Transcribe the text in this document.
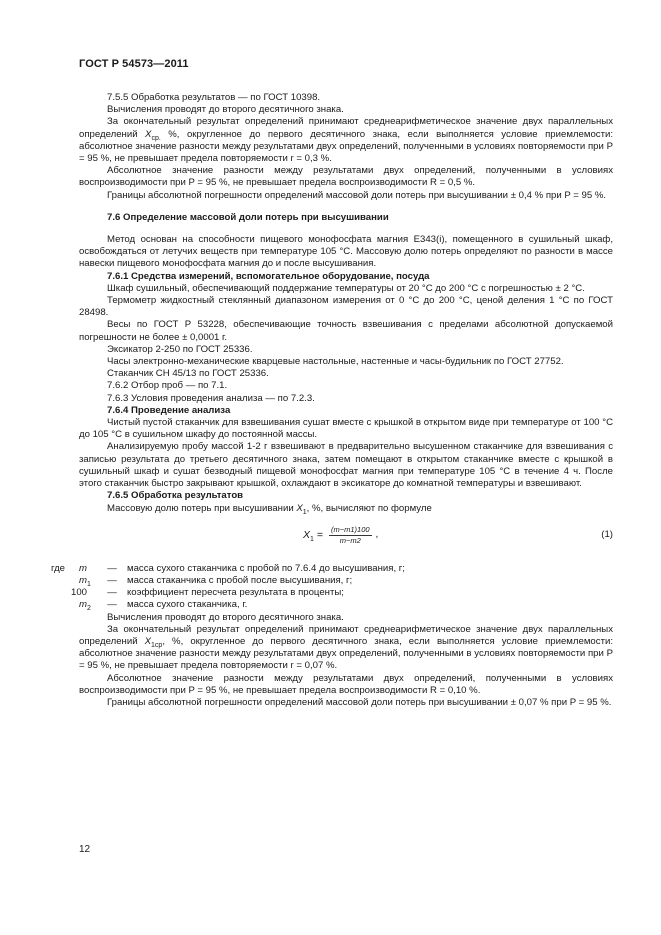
ГОСТ Р 54573—2011

7.5.5 Обработка результатов — по ГОСТ 10398.

Вычисления проводят до второго десятичного знака.

За окончательный результат определений принимают среднеарифметическое значение двух параллельных определений $X_{ср.}$ %, округленное до первого десятичного знака, если выполняется условие приемлемости: абсолютное значение разности между результатами двух определений, полученными в условиях повторяемости при P = 95 %, не превышает предела повторяемости r = 0,3 %.

Абсолютное значение разности между результатами двух определений, полученными в условиях воспроизводимости при P = 95 %, не превышает предела воспроизводимости R = 0,5 %.

Границы абсолютной погрешности определений массовой доли потерь при высушивании ± 0,4 % при P = 95 %.

7.6 Определение массовой доли потерь при высушивании

Метод основан на способности пищевого монофосфата магния Е343(i), помещенного в сушильный шкаф, освобождаться от летучих веществ при температуре 105 °С. Массовую долю потерь определяют по разности в массе навески пищевого монофосфата магния до и после высушивания.

7.6.1 Средства измерений, вспомогательное оборудование, посуда

Шкаф сушильный, обеспечивающий поддержание температуры от 20 °С до 200 °С с погрешностью ± 2 °С.

Термометр жидкостный стеклянный диапазоном измерения от 0 °С до 200 °С, ценой деления 1 °С по ГОСТ 28498.

Весы по ГОСТ Р 53228, обеспечивающие точность взвешивания с пределами абсолютной допускаемой погрешности не более ± 0,0001 г.

Эксикатор 2-250 по ГОСТ 25336.

Часы электронно-механические кварцевые настольные, настенные и часы-будильник по ГОСТ 27752.

Стаканчик СН 45/13 по ГОСТ 25336.

7.6.2 Отбор проб — по 7.1.

7.6.3 Условия проведения анализа — по 7.2.3.

7.6.4 Проведение анализа

Чистый пустой стаканчик для взвешивания сушат вместе с крышкой в открытом виде при температуре от 100 °С до 105 °С в сушильном шкафу до постоянной массы.

Анализируемую пробу массой 1-2 г взвешивают в предварительно высушенном стаканчике для взвешивания с записью результата до третьего десятичного знака, затем помещают в открытом стаканчике вместе с крышкой в сушильный шкаф и сушат безводный пищевой монофосфат магния при температуре 105 °С в течение 4 ч. После этого стаканчик быстро закрывают крышкой, охлаждают в эксикаторе до комнатной температуры и взвешивают.

7.6.5 Обработка результатов

Массовую долю потерь при высушивании $X_1$, %, вычисляют по формуле

$X_1 = \frac{(m-m1)100}{m-m2}$ ,	(1)
где	m	—	масса сухого стаканчика с пробой по 7.6.4 до высушивания, г;
$m_1$	—	масса стаканчика с пробой после высушивания, г;
100	—	коэффициент пересчета результата в проценты;
$m_2$	—	масса сухого стаканчика, г.

Вычисления проводят до второго десятичного знака.

За окончательный результат определений принимают среднеарифметическое значение двух параллельных определений $X_{1ср}$, %, округленное до первого десятичного знака, если выполняется условие приемлемости: абсолютное значение разности между результатами двух определений, полученными в условиях повторяемости при P = 95 %, не превышает предела повторяемости r = 0,07 %.

Абсолютное значение разности между результатами двух определений, полученными в условиях воспроизводимости при P = 95 %, не превышает предела воспроизводимости R = 0,10 %.

Границы абсолютной погрешности определений массовой доли потерь при высушивании ± 0,07 % при P = 95 %.

12
